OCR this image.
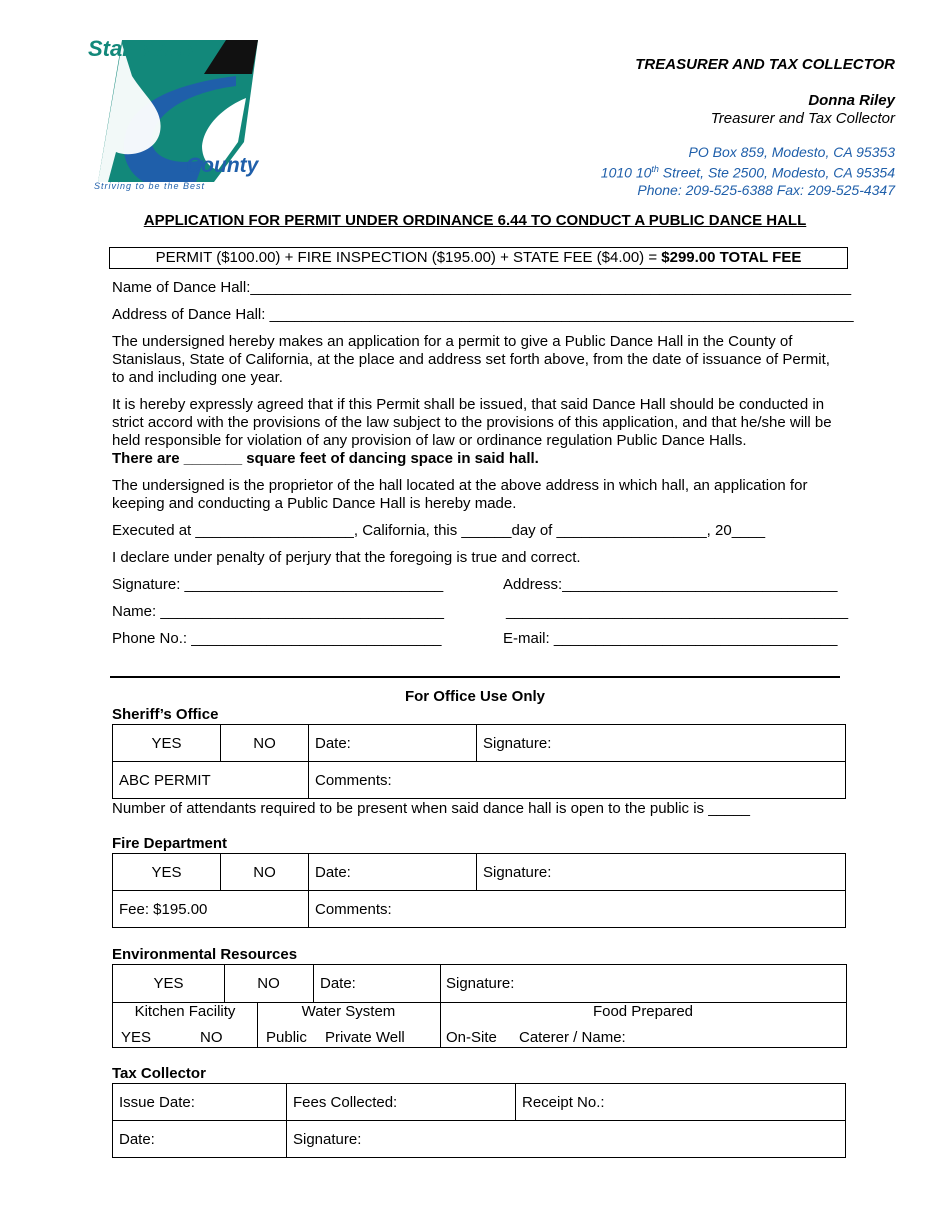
Stanislaus
County
Striving to be the Best
TREASURER AND TAX COLLECTOR
Donna Riley
Treasurer and Tax Collector
PO Box 859, Modesto, CA 95353
1010 10th Street, Ste 2500, Modesto, CA 95354
Phone: 209-525-6388 Fax: 209-525-4347
APPLICATION FOR PERMIT UNDER ORDINANCE 6.44 TO CONDUCT A PUBLIC DANCE HALL
PERMIT ($100.00) + FIRE INSPECTION ($195.00) + STATE FEE ($4.00) = $299.00 TOTAL FEE
Name of Dance Hall:________________________________________________________________________
Address of Dance Hall: ______________________________________________________________________
The undersigned hereby makes an application for a permit to give a Public Dance Hall in the County of Stanislaus, State of California, at the place and address set forth above, from the date of issuance of Permit, to and including one year.
It is hereby expressly agreed that if this Permit shall be issued, that said Dance Hall should be conducted in strict accord with the provisions of the law subject to the provisions of this application, and that he/she will be held responsible for violation of any provision of law or ordinance regulation Public Dance Halls.
There are _______ square feet of dancing space in said hall.
The undersigned is the proprietor of the hall located at the above address in which hall, an application for keeping and conducting a Public Dance Hall is hereby made.
Executed at ___________________, California, this ______day of __________________, 20____
I declare under penalty of perjury that the foregoing is true and correct.
Signature: _______________________________
Name: __________________________________
Phone No.: ______________________________
Address:_________________________________
_________________________________________
E-mail: __________________________________
For Office Use Only
Sheriff’s Office
YES	NO	Date:	Signature:
ABC PERMIT		Comments:	
Number of attendants required to be present when said dance hall is open to the public is _____
Fire Department
YES	NO	Date:	Signature:
Fee: $195.00		Comments:	
Environmental Resources
YES	NO	Date:	Signature:
Kitchen Facility	Water System	Food Prepared
YES	NO	Public Private Well	On-Site Caterer / Name:
Tax Collector
Issue Date:	Fees Collected:	Receipt No.:
Date:	Signature:	
